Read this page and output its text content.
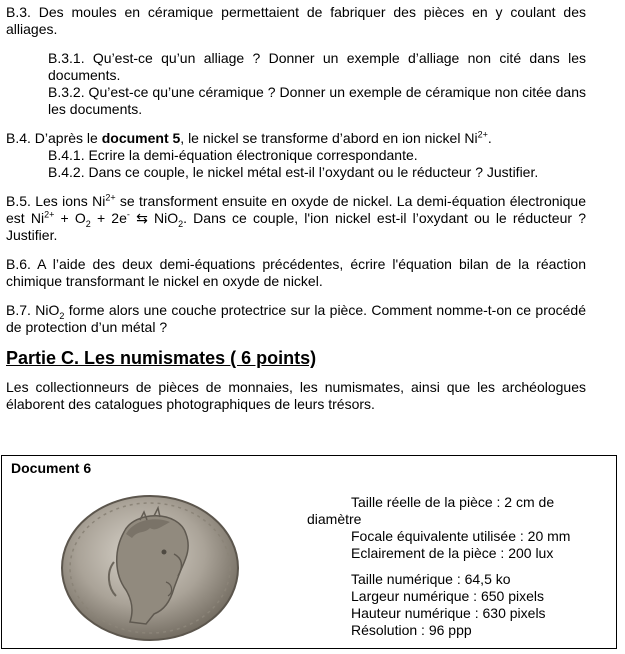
B.3. Des moules en céramique permettaient de fabriquer des pièces en y coulant des alliages.

B.3.1. Qu’est-ce qu’un alliage ? Donner un exemple d’alliage non cité dans les documents.

B.3.2. Qu’est-ce qu’une céramique ? Donner un exemple de céramique non citée dans les documents.

B.4. D’après le document 5, le nickel se transforme d’abord en ion nickel $Ni^{2+}$.

B.4.1. Ecrire la demi-équation électronique correspondante.

B.4.2. Dans ce couple, le nickel métal est-il l’oxydant ou le réducteur ? Justifier.

B.5. Les ions $Ni^{2+}$ se transforment ensuite en oxyde de nickel. La demi-équation électronique est $Ni^{2+} + O_2 + 2e^-$ ⇆ NiO$_2$. Dans ce couple, l'ion nickel est-il l’oxydant ou le réducteur ? Justifier.

B.6. A l’aide des deux demi-équations précédentes, écrire l'équation bilan de la réaction chimique transformant le nickel en oxyde de nickel.

B.7. NiO$_2$ forme alors une couche protectrice sur la pièce. Comment nomme-t-on ce procédé de protection d’un métal ?

Partie C. Les numismates ( 6 points)

Les collectionneurs de pièces de monnaies, les numismates, ainsi que les archéologues élaborent des catalogues photographiques de leurs trésors.

Document 6
Taille réelle de la pièce : 2 cm de
diamètre
Focale équivalente utilisée : 20 mm
Eclairement de la pièce : 200 lux
Taille numérique : 64,5 ko
Largeur numérique : 650 pixels
Hauteur numérique : 630 pixels
Résolution : 96 ppp
